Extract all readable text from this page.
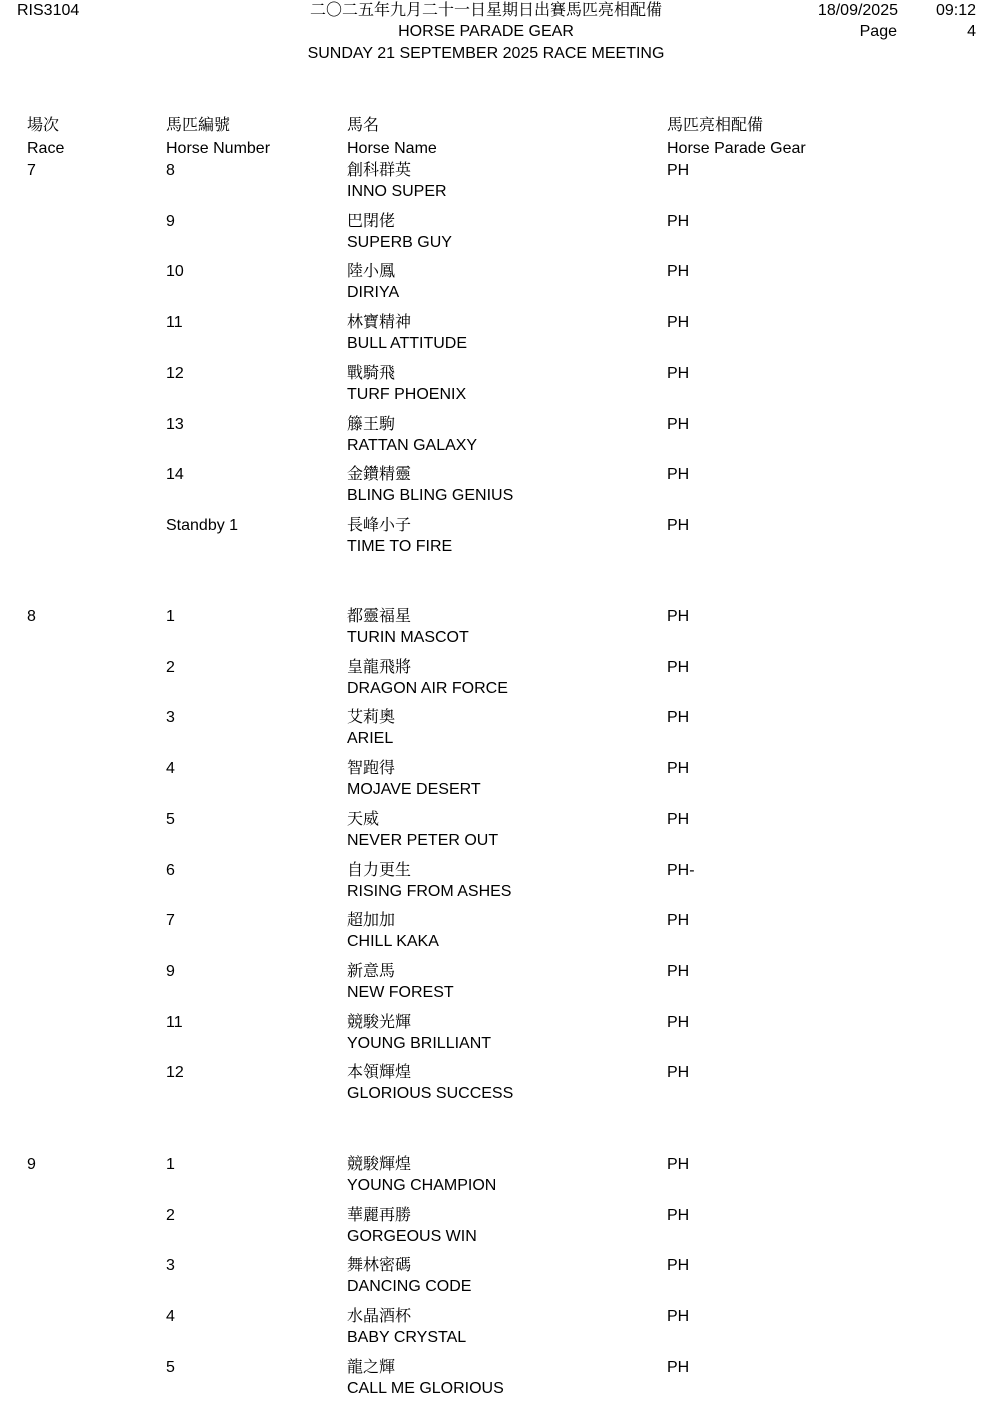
RIS3104	二〇二五年九月二十一日星期日出賽馬匹亮相配備
HORSE PARADE GEAR
SUNDAY 21 SEPTEMBER 2025 RACE MEETING
18/09/2025	09:12
Page	4
場次
Race
馬匹編號
Horse Number
馬名
Horse Name
馬匹亮相配備
Horse Parade Gear
7	8	創科群英
INNO SUPER
PH
9	巴閉佬
SUPERB GUY
PH
10	陸小鳳
DIRIYA
PH
11	林寶精神
BULL ATTITUDE
PH
12	戰騎飛
TURF PHOENIX
PH
13	籐王駒
RATTAN GALAXY
PH
14	金鑽精靈
BLING BLING GENIUS
PH
Standby 1	長峰小子
TIME TO FIRE
PH
8	1	都靈福星
TURIN MASCOT
PH
2	皇龍飛將
DRAGON AIR FORCE
PH
3	艾莉奧
ARIEL
PH
4	智跑得
MOJAVE DESERT
PH
5	天威
NEVER PETER OUT
PH
6	自力更生
RISING FROM ASHES
PH-
7	超加加
CHILL KAKA
PH
9	新意馬
NEW FOREST
PH
11	競駿光輝
YOUNG BRILLIANT
PH
12	本領輝煌
GLORIOUS SUCCESS
PH
9	1	競駿輝煌
YOUNG CHAMPION
PH
2	華麗再勝
GORGEOUS WIN
PH
3	舞林密碼
DANCING CODE
PH
4	水晶酒杯
BABY CRYSTAL
PH
5	龍之輝
CALL ME GLORIOUS
PH
